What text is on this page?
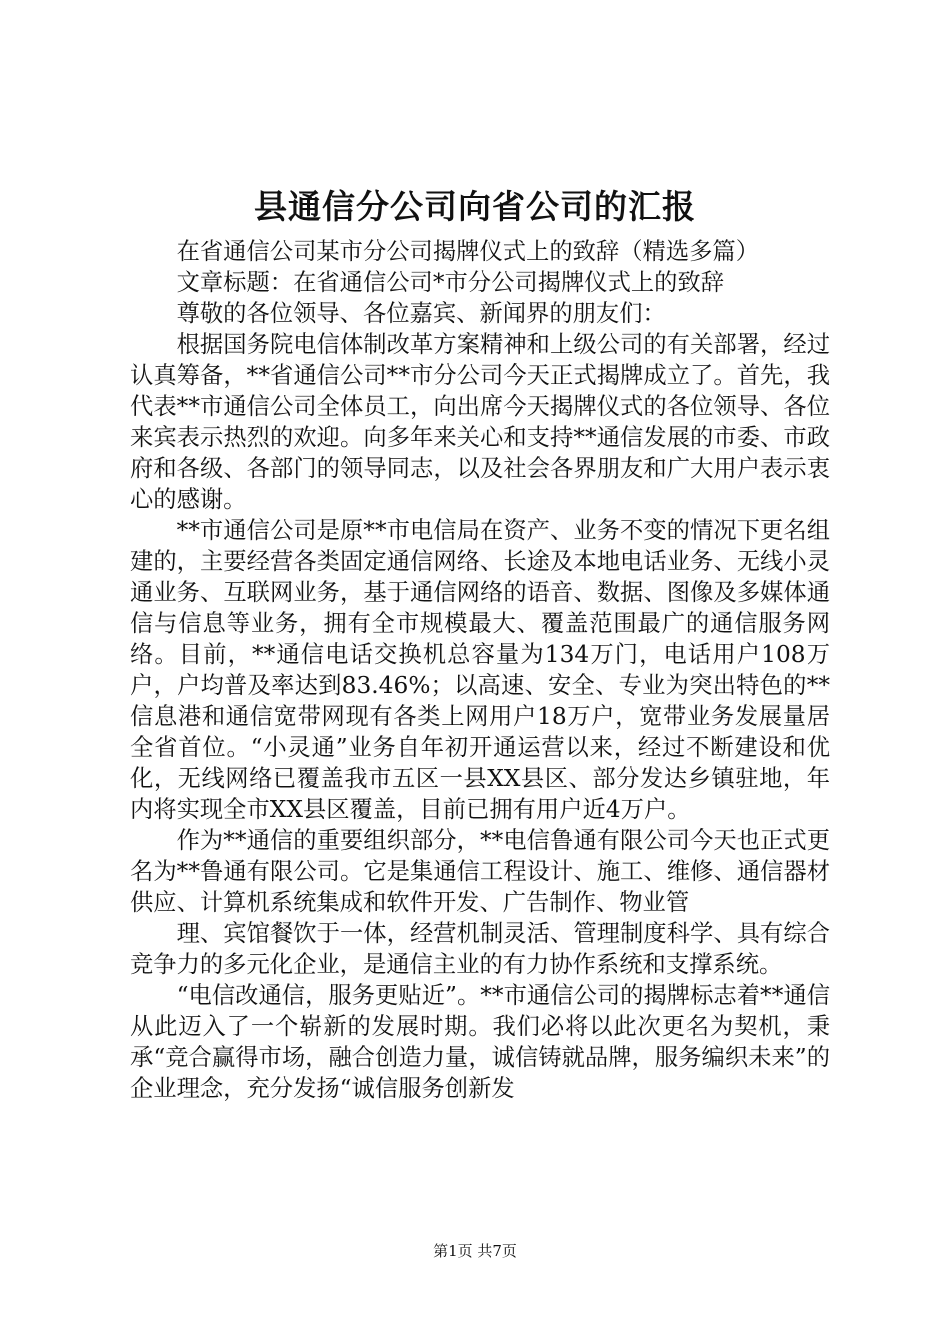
县通信分公司向省公司的汇报

在省通信公司某市分公司揭牌仪式上的致辞（精选多篇）

文章标题：在省通信公司*市分公司揭牌仪式上的致辞

尊敬的各位领导、各位嘉宾、新闻界的朋友们：

根据国务院电信体制改革方案精神和上级公司的有关部署，经过认真筹备，**省通信公司**市分公司今天正式揭牌成立了。首先，我代表**市通信公司全体员工，向出席今天揭牌仪式的各位领导、各位来宾表示热烈的欢迎。向多年来关心和支持**通信发展的市委、市政府和各级、各部门的领导同志，以及社会各界朋友和广大用户表示衷心的感谢。

**市通信公司是原**市电信局在资产、业务不变的情况下更名组建的，主要经营各类固定通信网络、长途及本地电话业务、无线小灵通业务、互联网业务，基于通信网络的语音、数据、图像及多媒体通信与信息等业务，拥有全市规模最大、覆盖范围最广的通信服务网络。目前，**通信电话交换机总容量为134万门，电话用户108万户，户均普及率达到83.46%；以高速、安全、专业为突出特色的**信息港和通信宽带网现有各类上网用户18万户，宽带业务发展量居全省首位。“小灵通”业务自年初开通运营以来，经过不断建设和优化，无线网络已覆盖我市五区一县XX县区、部分发达乡镇驻地，年内将实现全市XX县区覆盖，目前已拥有用户近4万户。

作为**通信的重要组织部分，**电信鲁通有限公司今天也正式更名为**鲁通有限公司。它是集通信工程设计、施工、维修、通信器材供应、计算机系统集成和软件开发、广告制作、物业管

理、宾馆餐饮于一体，经营机制灵活、管理制度科学、具有综合竞争力的多元化企业，是通信主业的有力协作系统和支撑系统。

“电信改通信，服务更贴近”。**市通信公司的揭牌标志着**通信从此迈入了一个崭新的发展时期。我们必将以此次更名为契机，秉承“竞合赢得市场，融合创造力量，诚信铸就品牌，服务编织未来”的企业理念，充分发扬“诚信服务创新发

第1页 共7页
